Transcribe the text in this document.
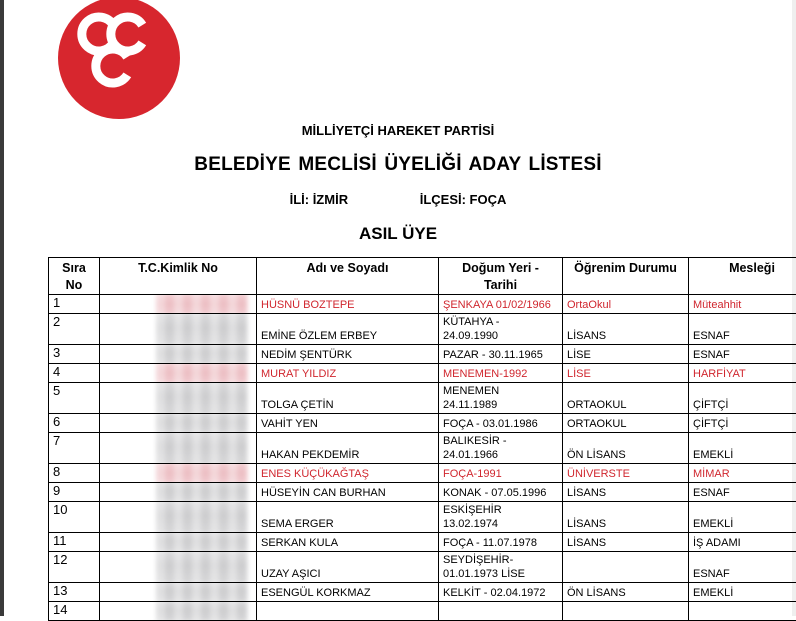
MİLLİYETÇİ HAREKET PARTİSİ
BELEDİYE MECLİSİ ÜYELİĞİ ADAY LİSTESİ
İLİ: İZMİR	İLÇESİ: FOÇA
ASIL ÜYE
Sıra
No	T.C.Kimlik No	Adı ve Soyadı	Doğum Yeri -
Tarihi	Öğrenim Durumu	Mesleği
1		HÜSNÜ BOZTEPE	ŞENKAYA 01/02/1966	OrtaOkul	Müteahhit
2		EMİNE ÖZLEM ERBEY	KÜTAHYA -
24.09.1990	LİSANS	ESNAF
3		NEDİM ŞENTÜRK	PAZAR - 30.11.1965	LİSE	ESNAF
4		MURAT YILDIZ	MENEMEN-1992	LİSE	HARFİYAT
5		TOLGA ÇETİN	MENEMEN
24.11.1989	ORTAOKUL	ÇİFTÇİ
6		VAHİT YEN	FOÇA - 03.01.1986	ORTAOKUL	ÇİFTÇİ
7		HAKAN PEKDEMİR	BALIKESİR -
24.01.1966	ÖN LİSANS	EMEKLİ
8		ENES KÜÇÜKAĞTAŞ	FOÇA-1991	ÜNİVERSTE	MİMAR
9		HÜSEYİN CAN BURHAN	KONAK - 07.05.1996	LİSANS	ESNAF
10		SEMA ERGER	ESKİŞEHİR
13.02.1974	LİSANS	EMEKLİ
11		SERKAN KULA	FOÇA - 11.07.1978	LİSANS	İŞ ADAMI
12		UZAY AŞICI	SEYDİŞEHİR-
01.01.1973 LİSE		ESNAF
13		ESENGÜL KORKMAZ	KELKİT - 02.04.1972	ÖN LİSANS	EMEKLİ
14	
